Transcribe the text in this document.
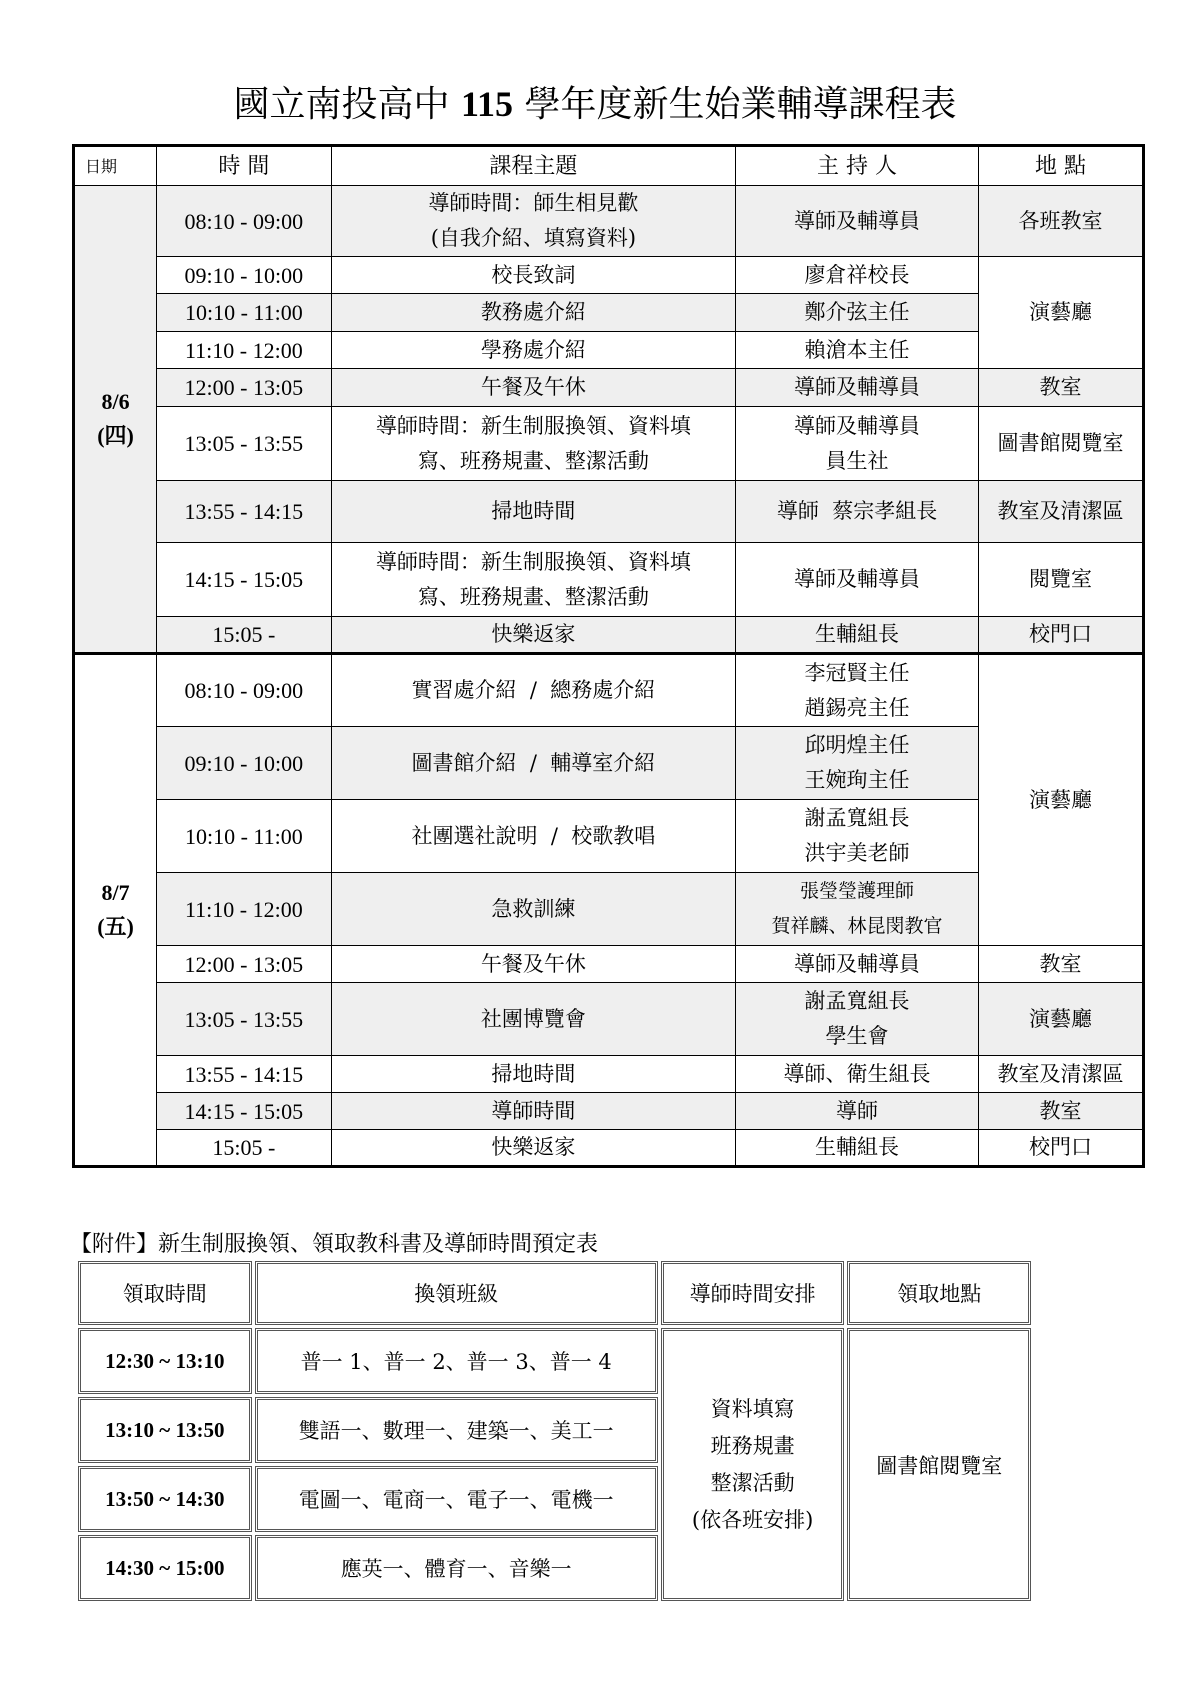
國立南投高中 115 學年度新生始業輔導課程表
日期	時 間	課程主題	主 持 人	地 點
8/6
(四)	08:10 - 09:00	導師時間：師生相見歡
(自我介紹、填寫資料)	導師及輔導員	各班教室
	09:10 - 10:00	校長致詞	廖倉祥校長	演藝廳
	10:10 - 11:00	教務處介紹	鄭介弦主任	
	11:10 - 12:00	學務處介紹	賴滄本主任	
	12:00 - 13:05	午餐及午休	導師及輔導員	教室
	13:05 - 13:55	導師時間：新生制服換領、資料填
寫、班務規畫、整潔活動	導師及輔導員
員生社	圖書館閱覽室
	13:55 - 14:15	掃地時間	導師  蔡宗孝組長	教室及清潔區
	14:15 - 15:05	導師時間：新生制服換領、資料填
寫、班務規畫、整潔活動	導師及輔導員	閱覽室
	15:05 -	快樂返家	生輔組長	校門口
8/7
(五)	08:10 - 09:00	實習處介紹  /  總務處介紹	李冠賢主任
趙錫亮主任	演藝廳
	09:10 - 10:00	圖書館介紹  /  輔導室介紹	邱明煌主任
王婉珣主任	
	10:10 - 11:00	社團選社說明  /  校歌教唱	謝孟寬組長
洪宇美老師	
	11:10 - 12:00	急救訓練	張瑩瑩護理師
賀祥麟、林昆閔教官	
	12:00 - 13:05	午餐及午休	導師及輔導員	教室
	13:05 - 13:55	社團博覽會	謝孟寬組長
學生會	演藝廳
	13:55 - 14:15	掃地時間	導師、衛生組長	教室及清潔區
	14:15 - 15:05	導師時間	導師	教室
	15:05 -	快樂返家	生輔組長	校門口
【附件】新生制服換領、領取教科書及導師時間預定表
領取時間	換領班級	導師時間安排	領取地點
12:30 ~ 13:10	普一 1、普一 2、普一 3、普一 4	資料填寫
班務規畫
整潔活動
(依各班安排)	圖書館閱覽室
13:10 ~ 13:50	雙語一、數理一、建築一、美工一		
13:50 ~ 14:30	電圖一、電商一、電子一、電機一		
14:30 ~ 15:00	應英一、體育一、音樂一		
